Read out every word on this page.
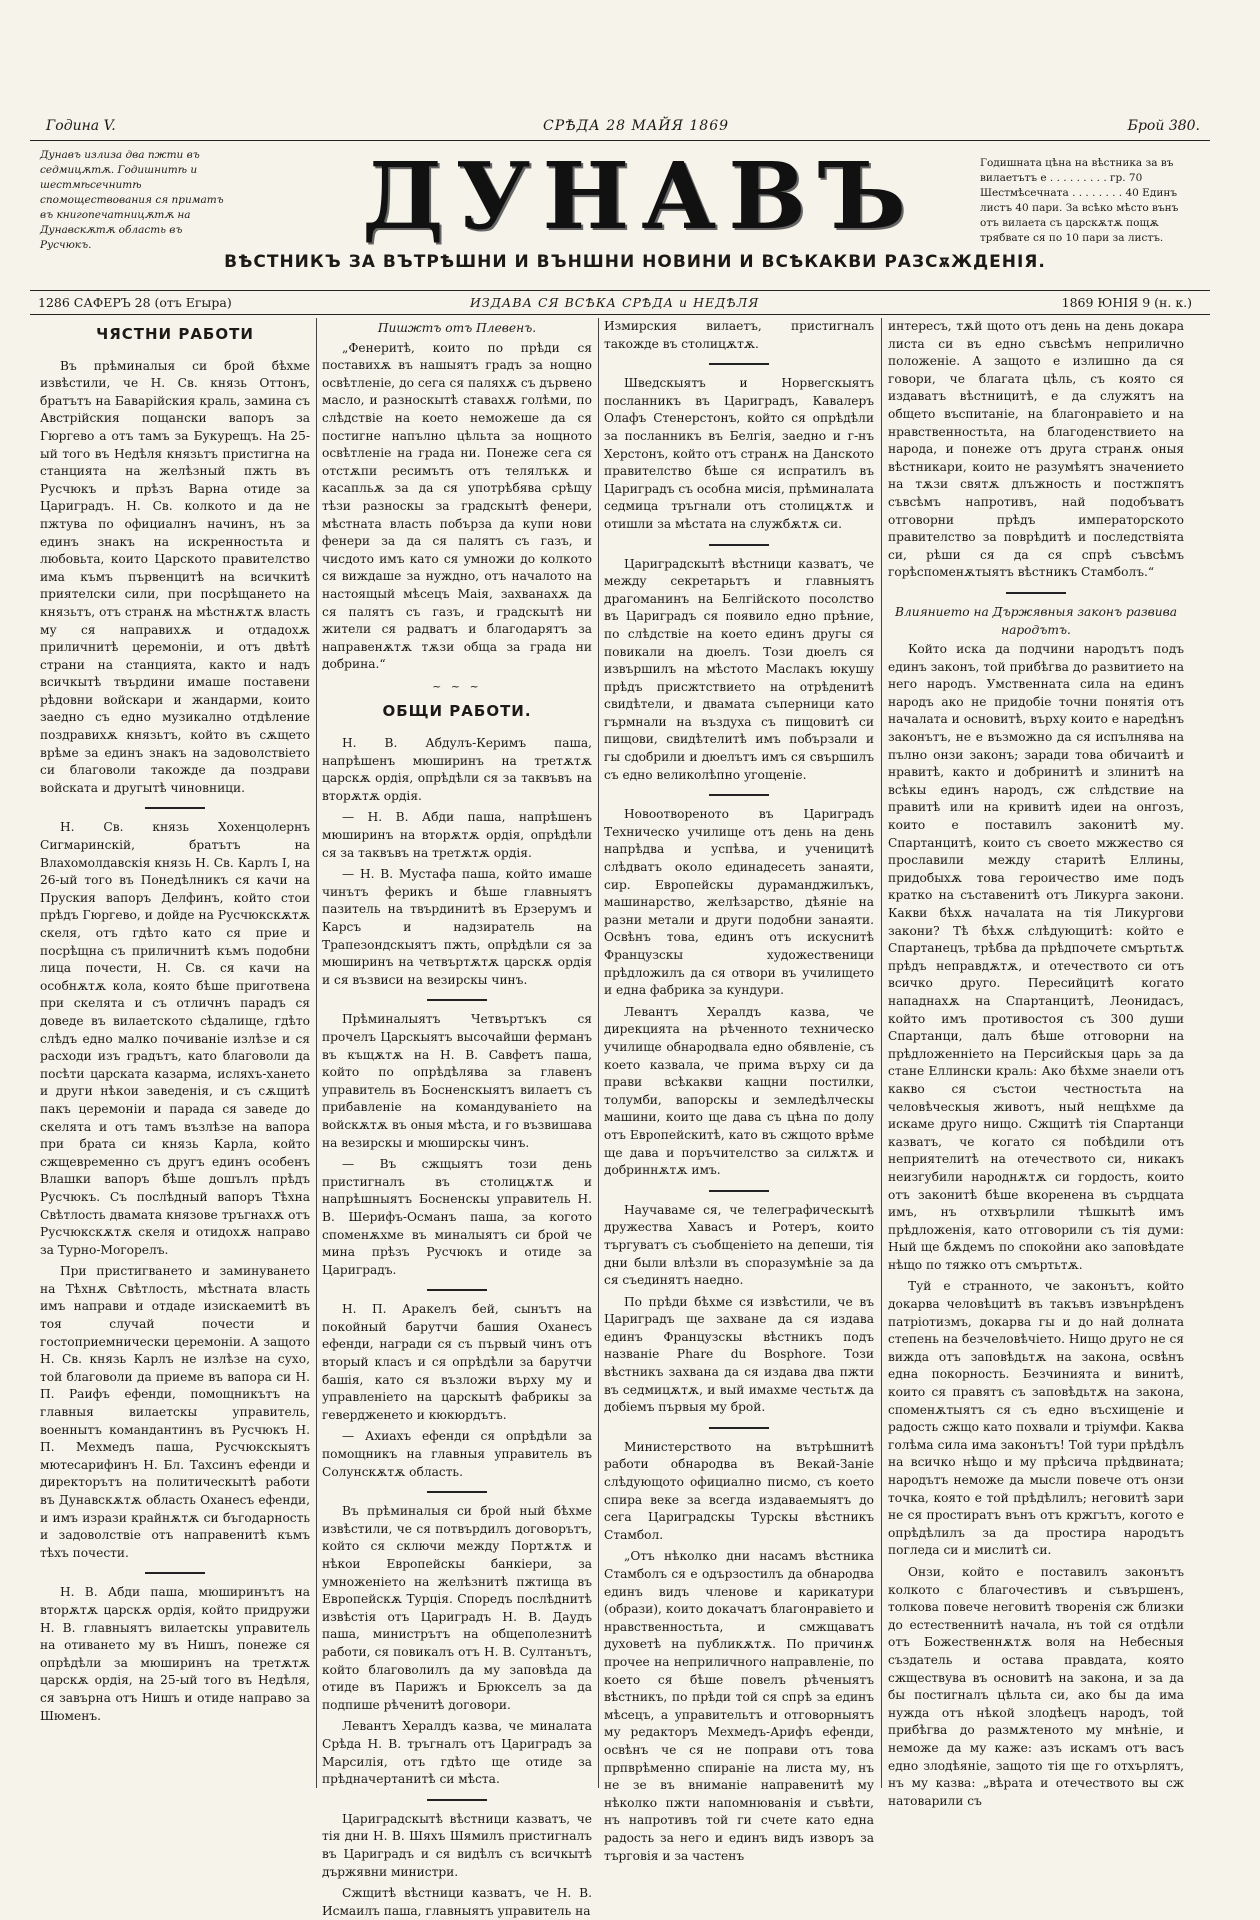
Година V.	СРѢДА 28 МАЙЯ 1869	Брой 380.
Дунавъ излиза два пжти въ седмицѫтѫ. Годишнитѣ и шестмѣсечнитѣ спомоществования ся приматъ въ книгопечатницѫтѫ на Дунавскѫтѫ область въ Русчюкъ.	ДУНАВЪ	Годишната цѣна на вѣстника за въ вилаетътъ е . . . . . . . . . гр. 70 Шестмѣсечната . . . . . . . . 40 Единъ листъ 40 пари. За всѣко мѣсто вънъ отъ вилаета съ царскѫтѫ пощѫ трябвате ся по 10 пари за листъ.
ВѢСТНИКЪ ЗА ВЪТРѢШНИ И ВЪНШНИ НОВИНИ И ВСѢКАКВИ РАЗСѫЖДЕНІЯ.
1286 САФЕРЪ 28 (отъ Егыра)	ИЗДАВА СЯ ВСѢКА СРѢДА и НЕДѢЛЯ	1869 ЮНІЯ 9 (н. к.)
ЧЯСТНИ РАБОТИ

Въ прѣминалыя си брой бѣхме извѣстили, че Н. Св. князь Оттонъ, братътъ на Баварійския краль, замина съ Австрійския пощански вапоръ за Гюргево а отъ тамъ за Букурещъ. На 25-ый того въ Недѣля князьтъ пристигна на станцията на желѣзный пжть въ Русчюкъ и прѣзъ Варна отиде за Цариградъ. Н. Св. колкото и да не пжтува по официалнъ начинъ, нъ за единъ знакъ на искренностьта и любовьта, които Царското правителство има къмъ първенцитѣ на всичкитѣ приятелски сили, при посрѣщането на князьтъ, отъ странѫ на мѣстнѫтѫ власть му ся направихѫ и отдадохѫ приличнитѣ церемоніи, и отъ двѣтѣ страни на станцията, както и надъ всичкытѣ твърдини имаше поставени рѣдовни войскари и жандарми, които заедно съ едно музикално отдѣление поздравихѫ князьтъ, който въ сѫщето врѣме за единъ знакъ на задоволствіето си благоволи такожде да поздрави войската и другытѣ чиновници.

Н. Св. князь Хохенцолернъ Сигмаринскій, братътъ на Влахомолдавскія князь Н. Св. Карлъ I, на 26-ый того въ Понедѣлникъ ся качи на Пруския вапоръ Делфинъ, който стои прѣдъ Гюргево, и дойде на Русчюкскѫтѫ скеля, отъ гдѣто като ся прие и посрѣщна съ приличнитѣ къмъ подобни лица почести, Н. Св. ся качи на особнѫтѫ кола, която бѣше приготвена при скелята и съ отличнъ парадъ ся доведе въ вилаетското сѣдалище, гдѣто слѣдъ едно малко почиваніе излѣзе и ся расходи изъ градътъ, като благоволи да посѣти царската казарма, исляхъ-хането и други нѣкои заведенія, и съ сѫщитѣ пакъ церемоніи и парада ся заведе до скелята и отъ тамъ възлѣзе на вапора при брата си князь Карла, който сжщевременно съ другъ единъ особенъ Влашки вапоръ бѣше дошълъ прѣдъ Русчюкъ. Съ послѣдный вапоръ Тѣхна Свѣтлость двамата князове тръгнахѫ отъ Русчюкскѫтѫ скеля и отидохѫ направо за Турно-Могорелъ.

При пристигването и заминуването на Тѣхнѫ Свѣтлость, мѣстната власть имъ направи и отдаде изискаемитѣ въ тоя случай почести и гостоприемнически церемоніи. А защото Н. Св. князь Карлъ не излѣзе на сухо, той благоволи да приеме въ вапора си Н. П. Раифъ ефенди, помощникътъ на главныя вилаетскы управитель, военнытъ командантинъ въ Русчюкъ Н. П. Мехмедъ паша, Русчюкскыятъ мютесарифинъ Н. Бл. Тахсинъ ефенди и директорътъ на политическытѣ работи въ Дунавскѫтѫ область Оханесъ ефенди, и имъ изрази крайнѫтѫ си бъгодарность и задоволствіе отъ направенитѣ къмъ тѣхъ почести.

Н. В. Абди паша, мюширинътъ на вторѫтѫ царскѫ ордія, който придружи Н. В. главныятъ вилаетскы управитель на отиването му въ Нишъ, понеже ся опрѣдѣли за мюширинъ на третѫтѫ царскѫ ордія, на 25-ый того въ Недѣля, ся завърна отъ Нишъ и отиде направо за Шюменъ.

Пишжтъ отъ Плевенъ.

„Фенеритѣ, които по прѣди ся поставихѫ въ нашыятъ градъ за нощно освѣтленіе, до сега ся паляхѫ съ дървено масло, и разноскытѣ ставахѫ голѣми, по слѣдствіе на което неможеше да ся постигне напълно цѣльта за нощното освѣтленіе на града ни. Понеже сега ся отстѫпи ресимътъ отъ телялъкѫ и касапльѫ за да ся употрѣбява срѣщу тѣзи разноскы за градскытѣ фенери, мѣстната власть побърза да купи нови фенери за да ся палятъ съ газъ, и чисдото имъ като ся умножи до колкото ся виждаше за нуждно, отъ началото на настоящый мѣсецъ Маія, захванахѫ да ся палятъ съ газъ, и градскытѣ ни жители ся радватъ и благодарятъ за направенѫтѫ тѫзи обща за града ни добрина.“

~ ~ ~
ОБЩИ РАБОТИ.

Н. В. Абдулъ-Керимъ паша, напрѣшенъ мюширинъ на третѫтѫ царскѫ ордія, опрѣдѣли ся за таквъвъ на вторѫтѫ ордія.

— Н. В. Абди паша, напрѣшенъ мюширинъ на вторѫтѫ ордія, опрѣдѣли ся за таквъвъ на третѫтѫ ордія.

— Н. В. Мустафа паша, който имаше чинътъ ферикъ и бѣше главныятъ пазитель на твърдинитѣ въ Ерзерумъ и Карсъ и надзиратель на Трапезондскыятъ пжть, опрѣдѣли ся за мюширинъ на четвъртѫтѫ царскѫ ордія и ся възвиси на везирскы чинъ.

Прѣминалыятъ Четвъртъкъ ся прочелъ Царскыятъ высочайши ферманъ въ къщѫтѫ на Н. В. Савфетъ паша, който по опрѣдѣлява за главенъ управитель въ Босненскыятъ вилаетъ съ прибавленіе на командуваніето на войскѫтѫ въ оныя мѣста, и го възвишава на везирскы и мюширскы чинъ.

— Въ сжщыятъ този день пристигналъ въ столицѫтѫ и напрѣшныятъ Босненскы управитель Н. В. Шерифъ-Османъ паша, за когото споменѫхме въ миналыятъ си брой че мина прѣзъ Русчюкъ и отиде за Цариградъ.

Н. П. Аракелъ бей, сынътъ на покойный барутчи башия Оханесъ ефенди, награди ся съ първый чинъ отъ вторый класъ и ся опрѣдѣли за барутчи башія, като ся възложи върху му и управленіето на царскытѣ фабрикы за гевердженето и кюкюрдътъ.

— Ахиахъ ефенди ся опрѣдѣли за помощникъ на главныя управитель въ Солунскѫтѫ область.

Въ прѣминалыя си брой ный бѣхме извѣстили, че ся потвърдилъ договорътъ, който ся сключи между Портѫтѫ и нѣкои Европейскы банкіери, за умноженіето на желѣзнитѣ пжтища въ Европейскѫ Турція. Споредъ послѣднитѣ извѣстія отъ Цариградъ Н. В. Даудъ паша, министрътъ на общеполезнитѣ работи, ся повикалъ отъ Н. В. Султанътъ, който благоволилъ да му заповѣда да отиде въ Парижъ и Брюкселъ за да подпише рѣченитѣ договори.

Левантъ Хералдъ казва, че миналата Срѣда Н. В. тръгналъ отъ Цариградъ за Марсилія, отъ гдѣто ще отиде за прѣдначертанитѣ си мѣста.

Цариградскытѣ вѣстници казватъ, че тія дни Н. В. Шяхъ Шямилъ пристигналъ въ Цариградъ и ся видѣлъ съ всичкытѣ държявни министри.

Сжщитѣ вѣстници казватъ, че Н. В. Исмаилъ паша, главныятъ управитель на

Измирския вилаетъ, пристигналъ такожде въ столицѫтѫ.

Шведскыятъ и Норвегскыятъ посланникъ въ Цариградъ, Кавалеръ Олафъ Стенерстонъ, който ся опрѣдѣли за посланникъ въ Белгія, заедно и г-нъ Херстонъ, който отъ странѫ на Данското правителство бѣше ся испратилъ въ Цариградъ съ особна мисія, прѣминалата седмица тръгнали отъ столицѫтѫ и отишли за мѣстата на службѫтѫ си.

Цариградскытѣ вѣстници казватъ, че между секретарьтъ и главныятъ драгоманинъ на Белгійското посолство въ Цариградъ ся появило едно прѣние, по слѣдствіе на което единъ другы ся повикали на дюелъ. Този дюелъ ся извършилъ на мѣстото Маслакъ юкушу прѣдъ присжтствието на отрѣденитѣ свидѣтели, и двамата съперници като гърмнали на въздуха съ пищовитѣ си пищови, свидѣтелитѣ имъ побързали и гы сдобрили и дюелътъ имъ ся свършилъ съ едно великолѣпно угощеніе.

Новоотвореното въ Цариградъ Техническо училище отъ день на день напрѣдва и успѣва, и ученицитѣ слѣдватъ около единадесеть занаяти, сир. Европейскы дураманджилъкъ, машинарство, желѣзарство, дѣяніе на разни метали и други подобни занаяти. Освѣнъ това, единъ отъ искуснитѣ Французскы художественици прѣдложилъ да ся отвори въ училището и една фабрика за кундури.

Левантъ Хералдъ казва, че дирекцията на рѣченното техническо училище обнародвала едно обявленіе, съ което казвала, че прима върху си да прави всѣкакви кащни постилки, толумби, вапорскы и земледѣлческы машини, които ще дава съ цѣна по долу отъ Европейскитѣ, като въ сжщото врѣме ще дава и поръчителство за силѫтѫ и добриннѫтѫ имъ.

Научаваме ся, че телеграфическытѣ дружества Хавасъ и Ротеръ, които търгуватъ съ съобщеніето на депеши, тія дни были влѣзли въ споразумѣніе за да ся съединятъ наедно.

По прѣди бѣхме ся извѣстили, че въ Цариградъ ще захване да ся издава единъ Французскы вѣстникъ подъ названіе Phare du Bosphore. Този вѣстникъ захвана да ся издава два пжти въ седмицѫтѫ, и вый имахме честьтѫ да добіемъ първыя му брой.

Министерството на вътрѣшнитѣ работи обнародва въ Векай-Заніе слѣдующото официално писмо, съ което спира веке за всегда издаваемыятъ до сега Цариградскы Турскы вѣстникъ Стамбол.

„Отъ нѣколко дни насамъ вѣстника Стамболъ ся е одързостилъ да обнародва единъ видъ членове и карикатури (образи), които докачатъ благонравіето и нравственностьта, и смжщаватъ духоветѣ на публикѫтѫ. По причинѫ прочее на неприличного направленіе, по което ся бѣше повелъ рѣченыятъ вѣстникъ, по прѣди той ся спрѣ за единъ мѣсецъ, а управительтъ и отговорныятъ му редакторъ Мехмедъ-Арифъ ефенди, освѣнъ че ся не поправи отъ това прпврѣменно спираніе на листа му, нъ не зе въ вниманіе направенитѣ му нѣколко пжти напомнюванія и съвѣти, нъ напротивъ той ги счете като една радость за него и единъ видъ изворъ за търговія и за частенъ

интересъ, тѫй щото отъ день на день докара листа си въ едно съвсѣмъ неприлично положеніе. А защото е излишно да ся говори, че благата цѣль, съ която ся издаватъ вѣстницитѣ, е да служятъ на общето въспитаніе, на благонравіето и на нравственностьта, на благоденствието на народа, и понеже отъ друга странѫ оныя вѣстникари, които не разумѣятъ значението на тѫзи святѫ длъжность и постжпятъ съвсѣмъ напротивъ, най подобъватъ отговорни прѣдъ императорското правителство за поврѣдитѣ и последствіята си, рѣши ся да ся спрѣ съвсѣмъ горѣспоменѫтыятъ вѣстникъ Стамболъ.“

Влиянието на Държявныя законъ развива народътъ.

Който иска да подчини народътъ подъ единъ законъ, той прибѣгва до развитието на него народъ. Умственната сила на единъ народъ ако не придобіе точни понятія отъ началата и основитѣ, върху които е наредѣнъ законътъ, не е възможно да ся испълнява на пълно онзи законъ; заради това обичаитѣ и нравитѣ, както и добринитѣ и злинитѣ на всѣкы единъ народъ, сж слѣдствие на правитѣ или на кривитѣ идеи на онгозъ, които е поставилъ законитѣ му. Спартанцитѣ, които съ своето мжжество ся прославили между старитѣ Еллины, придобыхѫ това героичество име подъ кратко на съставенитѣ отъ Ликурга закони. Какви бѣхѫ началата на тія Ликургови закони? Тѣ бѣхѫ слѣдующитѣ: който е Спартанецъ, трѣбва да прѣдпочете смъртьтѫ прѣдъ неправдѫтѫ, и отечеството си отъ всичко друго. Пересийцитѣ когато нападнахѫ на Спартанцитѣ, Леонидасъ, който имъ противостоя съ 300 души Спартанци, далъ бѣше отговорни на прѣдложенніето на Персийскыя царь за да стане Еллински краль: Ако бѣхме знаели отъ какво ся състои честностьта на человѣческыя животъ, ный нещѣхме да искаме друго нищо. Сжщитѣ тія Спартанци казватъ, че когато ся побѣдили отъ неприятелитѣ на отечеството си, никакъ неизгубили народнѫтѫ си гордость, които отъ законитѣ бѣше вкоренена въ сърдцата имъ, нъ отхвърлили тѣшкытѣ имъ прѣдложенія, като отговорили съ тія думи: Ный ще бѫдемъ по спокойни ако заповѣдате нѣщо по тяжко отъ смъртьтѫ.

Туй е странното, че законътъ, който докарва человѣцитѣ въ такъвъ извънрѣденъ патріотизмъ, докарва гы и до най долната степень на безчеловѣчіето. Нищо друго не ся вижда отъ заповѣдьтѫ на закона, освѣнъ една покорность. Безчинията и винитѣ, които ся правятъ съ заповѣдьтѫ на закона, споменѫтыятъ ся съ едно въсхищеніе и радость сжщо като похвали и тріумфи. Каква голѣма сила има законътъ! Той тури прѣдѣлъ на всичко нѣщо и му прѣсича прѣдвината; народътъ неможе да мысли повече отъ онзи точка, която е той прѣдѣлилъ; неговитѣ зари не ся простиратъ вънъ отъ кржгътъ, когото е опрѣдѣлилъ за да простира народътъ погледа си и мислитѣ си.

Онзи, който е поставилъ законътъ колкото с благочестивъ и съвършенъ, толкова повече неговитѣ творенія сж близки до естественнитѣ начала, нъ той ся отдѣли отъ Божественнѫтѫ воля на Небесныя създатель и остава правдата, която сжществува въ основитѣ на закона, и за да бы постигналъ цѣльта си, ако бы да има нужда отъ нѣкой злодѣецъ народъ, той прибѣгва до размѫтеното му мнѣніе, и неможе да му каже: азъ искамъ отъ васъ едно злодѣяніе, защото тія ще го отхърлятъ, нъ му казва: „вѣрата и отечеството вы сж натоварили съ
